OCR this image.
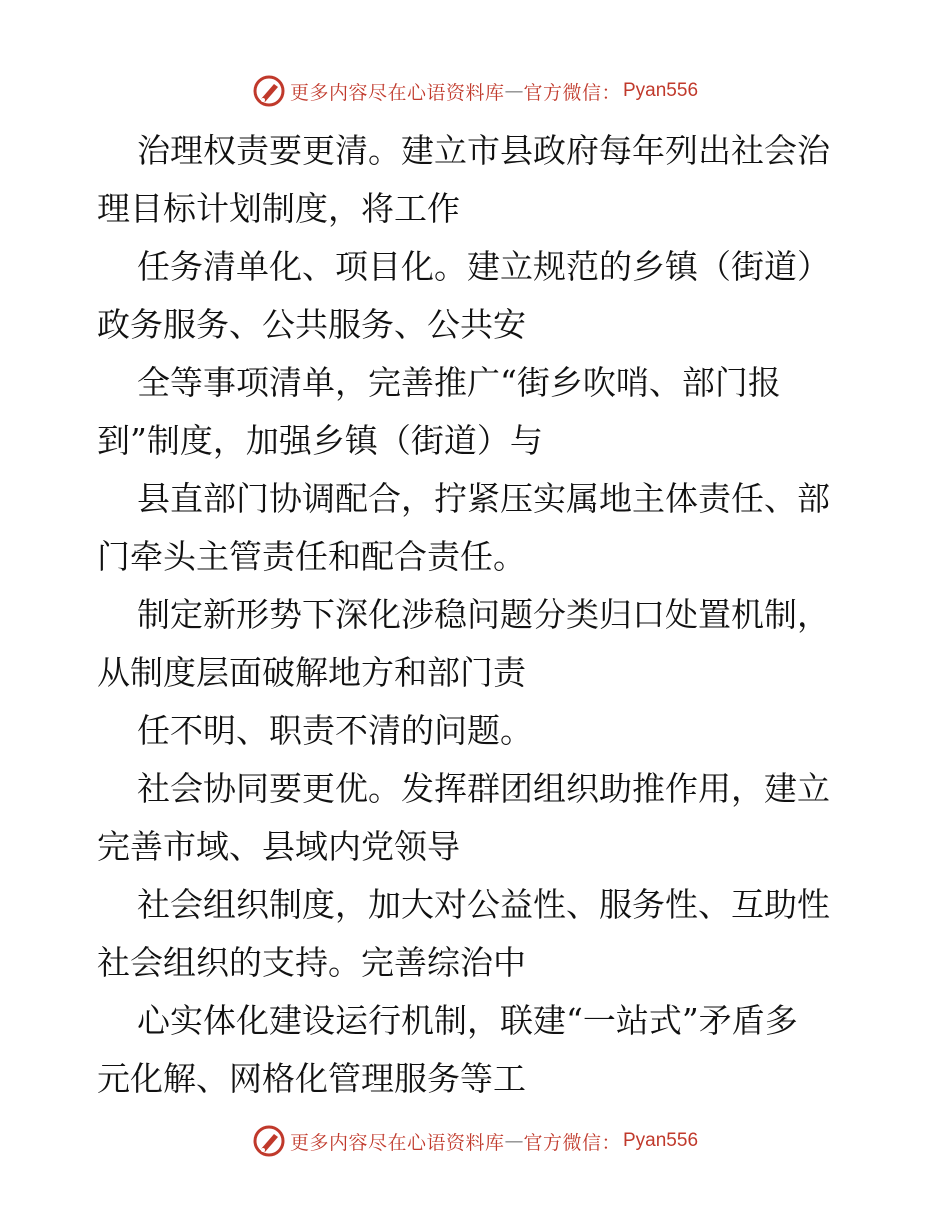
更多内容尽在心语资料库 — 官方微信： Pyan556
治理权责要更清。建立市县政府每年列出社会治
理目标计划制度，将工作
任务清单化、项目化。建立规范的乡镇（街道）
政务服务、公共服务、公共安
全等事项清单，完善推广“街乡吹哨、部门报
到”制度，加强乡镇（街道）与
县直部门协调配合，拧紧压实属地主体责任、部
门牵头主管责任和配合责任。
制定新形势下深化涉稳问题分类归口处置机制，
从制度层面破解地方和部门责
任不明、职责不清的问题。
社会协同要更优。发挥群团组织助推作用，建立
完善市域、县域内党领导
社会组织制度，加大对公益性、服务性、互助性
社会组织的支持。完善综治中
心实体化建设运行机制，联建“一站式”矛盾多
元化解、网格化管理服务等工
更多内容尽在心语资料库 — 官方微信： Pyan556
